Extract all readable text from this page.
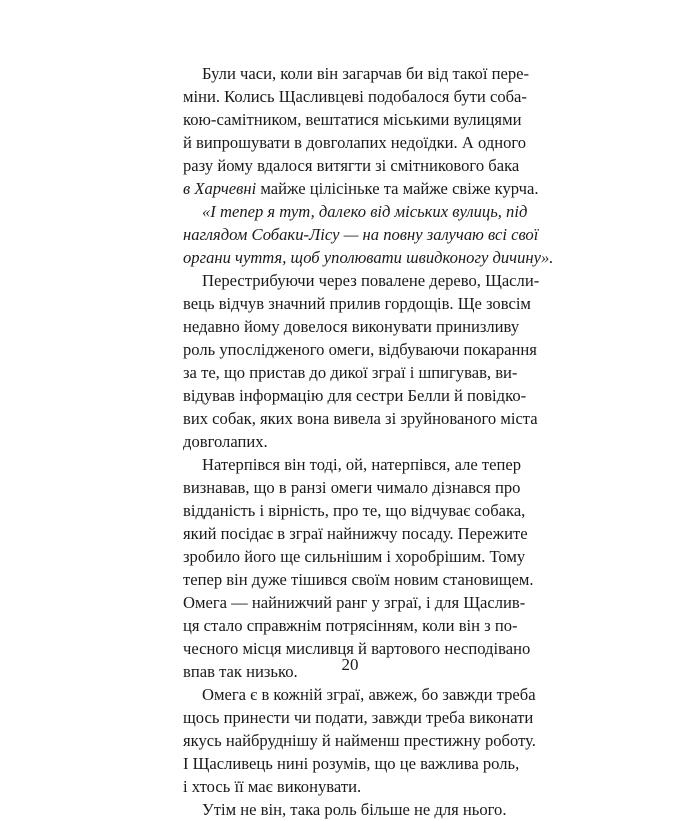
Були часи, коли він загарчав би від такої пере-
міни. Колись Щасливцеві подобалося бути соба-
кою-самітником, вештатися міськими вулицями
й випрошувати в довголапих недоїдки. А одного
разу йому вдалося витягти зі смітникового бака
в Харчевні майже цілісіньке та майже свіже курча.
«І тепер я тут, далеко від міських вулиць, під
наглядом Собаки-Лісу — на повну залучаю всі свої
органи чуття, щоб уполювати швидконогу дичину».
Перестрибуючи через повалене дерево, Щасли-
вець відчув значний прилив гордощів. Ще зовсім
недавно йому довелося виконувати принизливу
роль упослідженого омеги, відбуваючи покарання
за те, що пристав до дикої зграї і шпигував, ви-
відував інформацію для сестри Белли й повідко-
вих собак, яких вона вивела зі зруйнованого міста
довголапих.
Натерпівся він тоді, ой, натерпівся, але тепер
визнавав, що в ранзі омеги чимало дізнався про
відданість і вірність, про те, що відчуває собака,
який посідає в зграї найнижчу посаду. Пережите
зробило його ще сильнішим і хоробрішим. Тому
тепер він дуже тішився своїм новим становищем.
Омега — найнижчий ранг у зграї, і для Щаслив-
ця стало справжнім потрясінням, коли він з по-
чесного місця мисливця й вартового несподівано
впав так низько.
Омега є в кожній зграї, авжеж, бо завжди треба
щось принести чи подати, завжди треба виконати
якусь найбруднішу й найменш престижну роботу.
І Щасливець нині розумів, що це важлива роль,
і хтось її має виконувати.
Утім не він, така роль більше не для нього.
20
